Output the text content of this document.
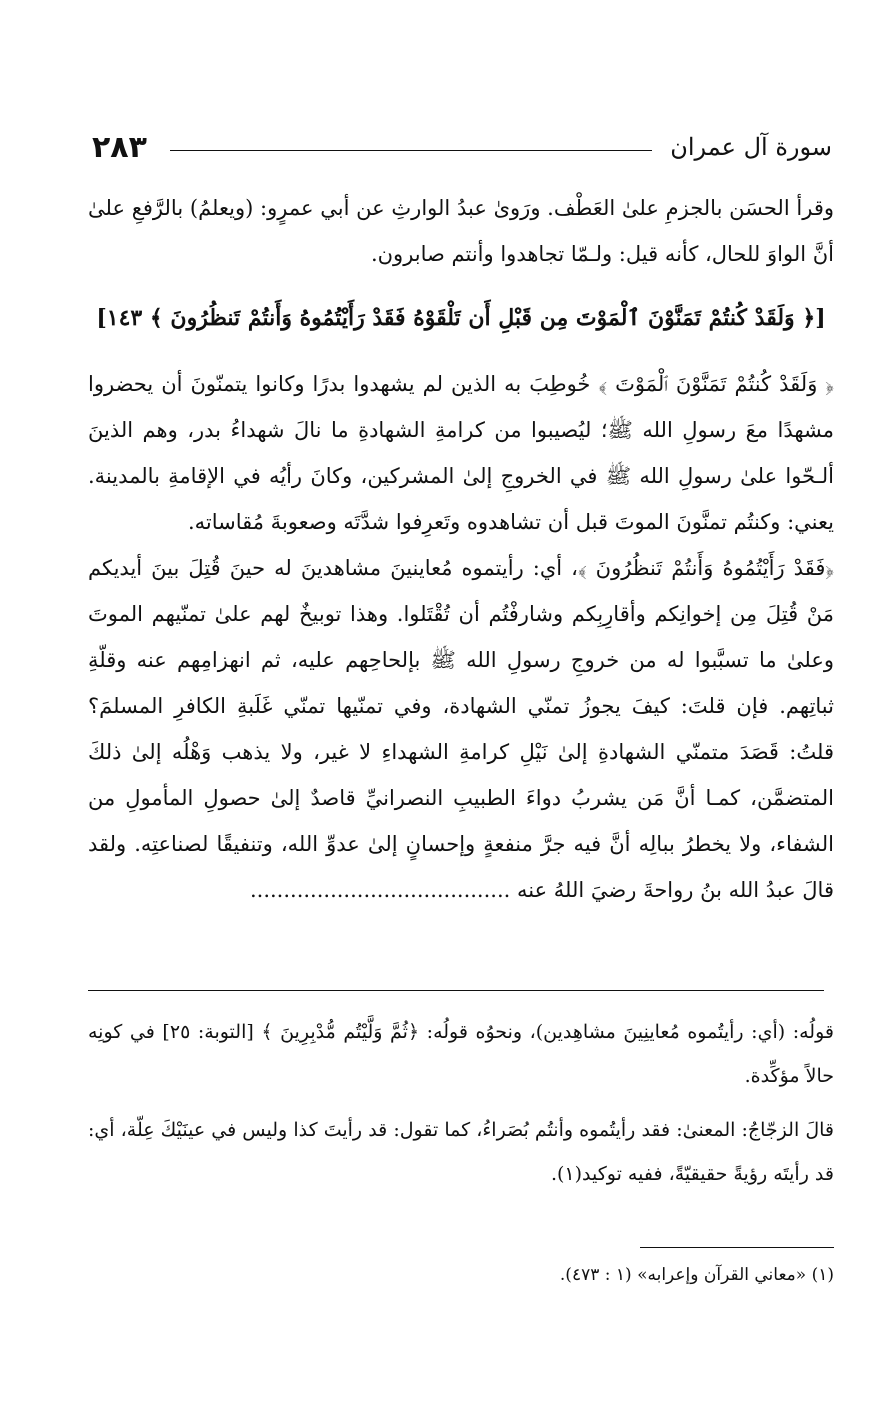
٢٨٣	سورة آل عمران

وقرأ الحسَن بالجزمِ علىٰ العَطْف. ورَوىٰ عبدُ الوارثِ عن أبي عمرٍو: (ويعلمُ) بالرَّفعِ علىٰ أنَّ الواوَ للحال، كأنه قيل: ولـمّا تجاهدوا وأنتم صابرون.

[﴿ وَلَقَدْ كُنتُمْ تَمَنَّوْنَ ٱلْمَوْتَ مِن قَبْلِ أَن تَلْقَوْهُ فَقَدْ رَأَيْتُمُوهُ وَأَنتُمْ تَنظُرُونَ ﴾ ١٤٣]

﴿ وَلَقَدْ كُنتُمْ تَمَنَّوْنَ ٱلْمَوْتَ ﴾ خُوطِبَ به الذين لم يشهدوا بدرًا وكانوا يتمنّونَ أن يحضروا مشهدًا معَ رسولِ الله ﷺ؛ ليُصيبوا من كرامةِ الشهادةِ ما نالَ شهداءُ بدر، وهم الذينَ ألـحّوا علىٰ رسولِ الله ﷺ في الخروجِ إلىٰ المشركين، وكانَ رأيُه في الإقامةِ بالمدينة. يعني: وكنتُم تمنَّونَ الموتَ قبل أن تشاهدوه وتَعرِفوا شدَّتَه وصعوبةَ مُقاساته.

﴿فَقَدْ رَأَيْتُمُوهُ وَأَنتُمْ تَنظُرُونَ ﴾، أي: رأيتموه مُعاينينَ مشاهدينَ له حينَ قُتِلَ بينَ أيديكم مَنْ قُتِلَ مِن إخوانِكم وأقارِبِكم وشارفْتُم أن تُقْتَلوا. وهذا توبيخٌ لهم علىٰ تمنّيهم الموتَ وعلىٰ ما تسبَّبوا له من خروجِ رسولِ الله ﷺ بإلحاحِهم عليه، ثم انهزامِهم عنه وقلّةِ ثباتِهم. فإن قلتَ: كيفَ يجوزُ تمنّي الشهادة، وفي تمنّيها تمنّي غَلَبةِ الكافرِ المسلمَ؟ قلتُ: قَصَدَ متمنّي الشهادةِ إلىٰ نَيْلِ كرامةِ الشهداءِ لا غير، ولا يذهب وَهْلُه إلىٰ ذلكَ المتضمَّن، كمـا أنَّ مَن يشربُ دواءَ الطبيبِ النصرانيِّ قاصدٌ إلىٰ حصولِ المأمولِ من الشفاء، ولا يخطرُ ببالِه أنَّ فيه جرَّ منفعةٍ وإحسانٍ إلىٰ عدوِّ الله، وتنفيقًا لصناعتِه. ولقد قالَ عبدُ الله بنُ رواحةَ رضيَ اللهُ عنه .......................................

قولُه: (أي: رأيتُموه مُعاينِينَ مشاهِدين)، ونحوُه قولُه: ﴿ثُمَّ وَلَّيْتُم مُّدْبِرِينَ ﴾ [التوبة: ٢٥] في كونِه حالاً مؤكِّدة.

قالَ الزجّاجُ: المعنىٰ: فقد رأيتُموه وأنتُم بُصَراءُ، كما تقول: قد رأيتَ كذا وليس في عينَيْكَ عِلّة، أي: قد رأيتَه رؤيةً حقيقيّةً، ففيه توكيد(١).

(١) «معاني القرآن وإعرابه» (١ : ٤٧٣).
